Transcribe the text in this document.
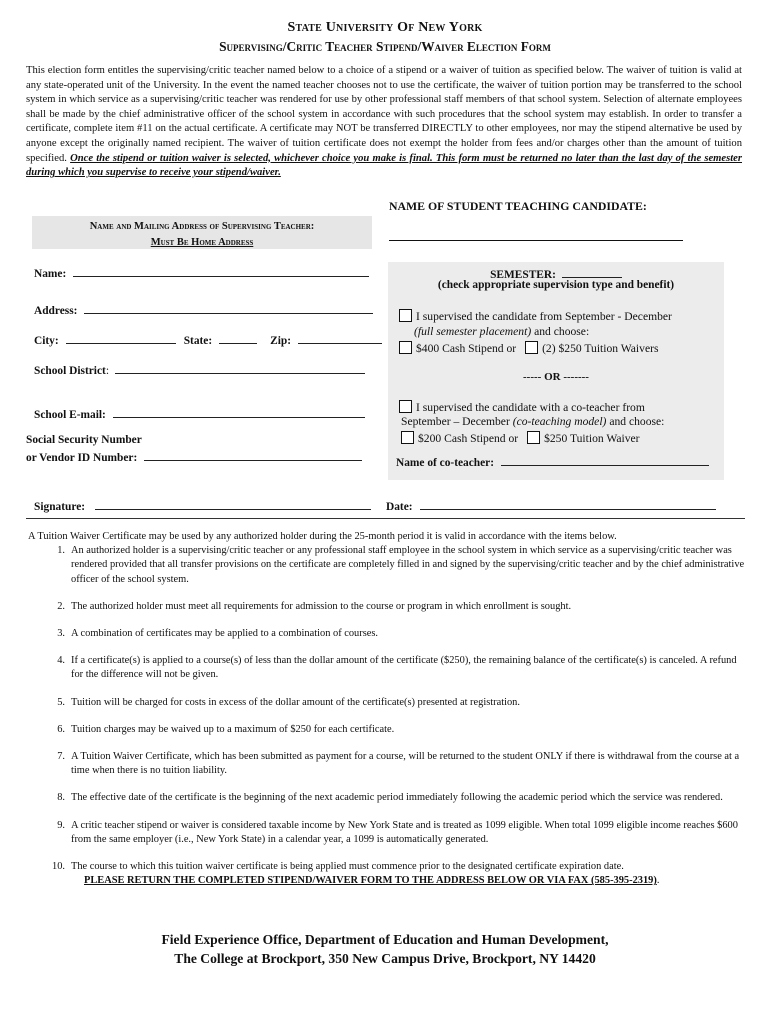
State University Of New York
Supervising/Critic Teacher Stipend/Waiver Election Form
This election form entitles the supervising/critic teacher named below to a choice of a stipend or a waiver of tuition as specified below. The waiver of tuition is valid at any state-operated unit of the University. In the event the named teacher chooses not to use the certificate, the waiver of tuition portion may be transferred to the school system in which service as a supervising/critic teacher was rendered for use by other professional staff members of that school system. Selection of alternate employees shall be made by the chief administrative officer of the school system in accordance with such procedures that the school system may establish. In order to transfer a certificate, complete item #11 on the actual certificate. A certificate may NOT be transferred DIRECTLY to other employees, nor may the stipend alternative be used by anyone except the originally named recipient. The waiver of tuition certificate does not exempt the holder from fees and/or charges other than the amount of tuition specified. Once the stipend or tuition waiver is selected, whichever choice you make is final. This form must be returned no later than the last day of the semester during which you supervise to receive your stipend/waiver.
NAME OF STUDENT TEACHING CANDIDATE:
Name and Mailing Address of Supervising Teacher:
Must Be Home Address
Name:
Address:
City:	State:	Zip:
School District:
School E-mail:
Social Security Number
or Vendor ID Number:
SEMESTER:
(check appropriate supervision type and benefit)
I supervised the candidate from September - December
(full semester placement) and choose:
$400 Cash Stipend or (2) $250 Tuition Waivers
----- OR -------
I supervised the candidate with a co-teacher from
September – December (co-teaching model) and choose:
$200 Cash Stipend or $250 Tuition Waiver
Name of co-teacher:
Signature:	Date:
A Tuition Waiver Certificate may be used by any authorized holder during the 25-month period it is valid in accordance with the items below.
1. An authorized holder is a supervising/critic teacher or any professional staff employee in the school system in which service as a supervising/critic teacher was rendered provided that all transfer provisions on the certificate are completely filled in and signed by the supervising/critic teacher and by the chief administrative officer of the school system.
2. The authorized holder must meet all requirements for admission to the course or program in which enrollment is sought.
3. A combination of certificates may be applied to a combination of courses.
4. If a certificate(s) is applied to a course(s) of less than the dollar amount of the certificate ($250), the remaining balance of the certificate(s) is canceled. A refund for the difference will not be given.
5. Tuition will be charged for costs in excess of the dollar amount of the certificate(s) presented at registration.
6. Tuition charges may be waived up to a maximum of $250 for each certificate.
7. A Tuition Waiver Certificate, which has been submitted as payment for a course, will be returned to the student ONLY if there is withdrawal from the course at a time when there is no tuition liability.
8. The effective date of the certificate is the beginning of the next academic period immediately following the academic period which the service was rendered.
9. A critic teacher stipend or waiver is considered taxable income by New York State and is treated as 1099 eligible. When total 1099 eligible income reaches $600 from the same employer (i.e., New York State) in a calendar year, a 1099 is automatically generated.
10. The course to which this tuition waiver certificate is being applied must commence prior to the designated certificate expiration date.
PLEASE RETURN THE COMPLETED STIPEND/WAIVER FORM TO THE ADDRESS BELOW OR VIA FAX (585-395-2319).
Field Experience Office, Department of Education and Human Development,
The College at Brockport, 350 New Campus Drive, Brockport, NY 14420
